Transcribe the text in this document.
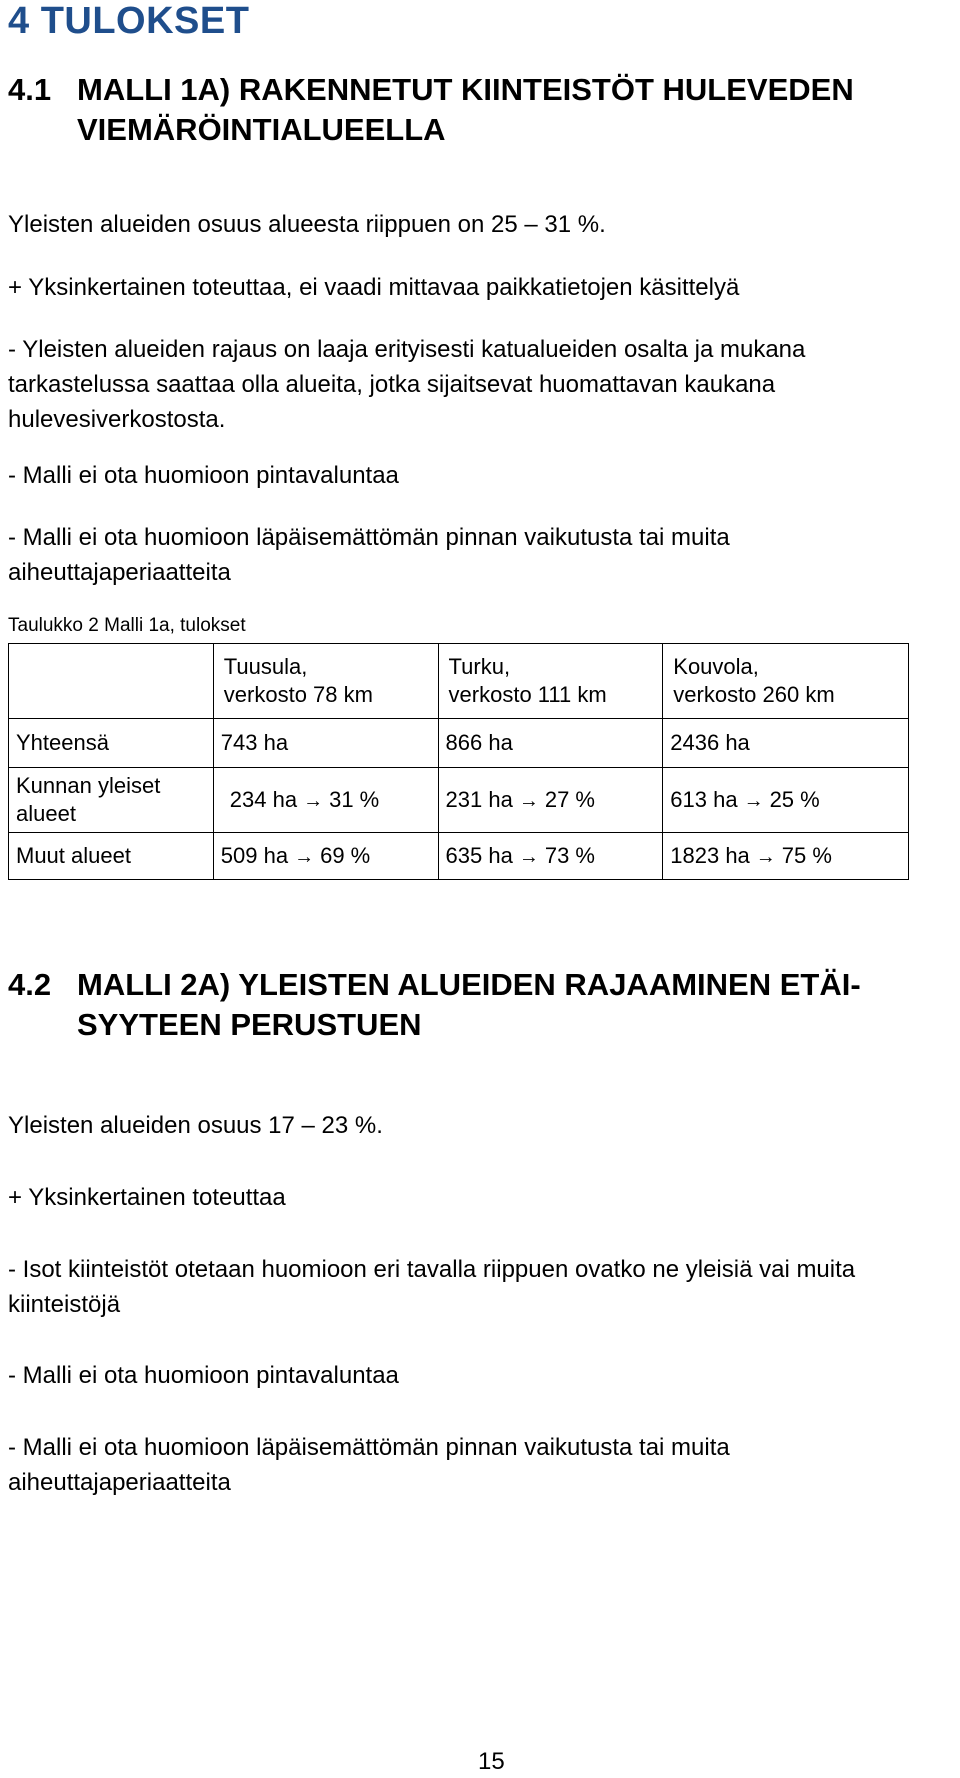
4 TULOKSET
4.1 MALLI 1A) RAKENNETUT KIINTEISTÖT HULEVEDEN VIEMÄRÖINTIALUEELLA

Yleisten alueiden osuus alueesta riippuen on 25 – 31 %.

+ Yksinkertainen toteuttaa, ei vaadi mittavaa paikkatietojen käsittelyä

- Yleisten alueiden rajaus on laaja erityisesti katualueiden osalta ja mukana tarkastelussa saattaa olla alueita, jotka sijaitsevat huomattavan kaukana hulevesiverkostosta.

- Malli ei ota huomioon pintavaluntaa

- Malli ei ota huomioon läpäisemättömän pinnan vaikutusta tai muita aiheuttajaperiaatteita

Taulukko 2 Malli 1a, tulokset

	Tuusula,
verkosto 78 km	Turku,
verkosto 111 km	Kouvola,
verkosto 260 km
Yhteensä	743 ha	866 ha	2436 ha
Kunnan yleiset alueet	234 ha → 31 %	231 ha → 27 %	613 ha → 25 %
Muut alueet	509 ha → 69 %	635 ha → 73 %	1823 ha → 75 %
4.2 MALLI 2A) YLEISTEN ALUEIDEN RAJAAMINEN ETÄI-SYYTEEN PERUSTUEN

Yleisten alueiden osuus 17 – 23 %.

+ Yksinkertainen toteuttaa

- Isot kiinteistöt otetaan huomioon eri tavalla riippuen ovatko ne yleisiä vai muita kiinteistöjä

- Malli ei ota huomioon pintavaluntaa

- Malli ei ota huomioon läpäisemättömän pinnan vaikutusta tai muita aiheuttajaperiaatteita

15
